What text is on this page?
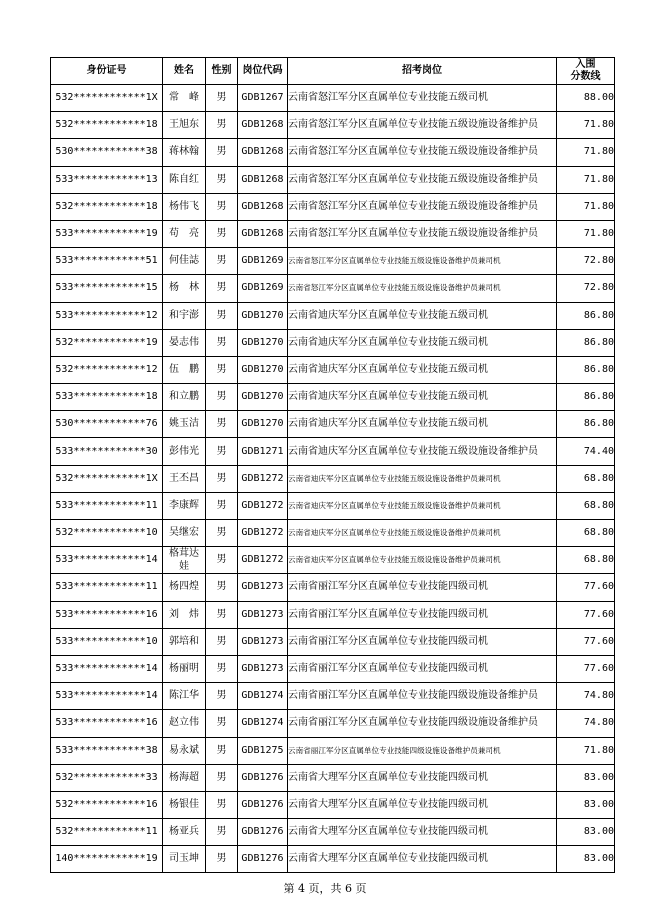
身份证号	姓名	性别	岗位代码	招考岗位	入围
分数线
532************1X	常　峰	男	GDB1267	云南省怒江军分区直属单位专业技能五级司机	88.00
532************18	王旭东	男	GDB1268	云南省怒江军分区直属单位专业技能五级设施设备维护员	71.80
530************38	蒋林翰	男	GDB1268	云南省怒江军分区直属单位专业技能五级设施设备维护员	71.80
533************13	陈自红	男	GDB1268	云南省怒江军分区直属单位专业技能五级设施设备维护员	71.80
532************18	杨伟飞	男	GDB1268	云南省怒江军分区直属单位专业技能五级设施设备维护员	71.80
533************19	苟　亮	男	GDB1268	云南省怒江军分区直属单位专业技能五级设施设备维护员	71.80
533************51	何佳誌	男	GDB1269	云南省怒江军分区直属单位专业技能五级设施设备维护员兼司机	72.80
533************15	杨　林	男	GDB1269	云南省怒江军分区直属单位专业技能五级设施设备维护员兼司机	72.80
533************12	和宇澎	男	GDB1270	云南省迪庆军分区直属单位专业技能五级司机	86.80
532************19	晏志伟	男	GDB1270	云南省迪庆军分区直属单位专业技能五级司机	86.80
532************12	伍　鹏	男	GDB1270	云南省迪庆军分区直属单位专业技能五级司机	86.80
533************18	和立鹏	男	GDB1270	云南省迪庆军分区直属单位专业技能五级司机	86.80
530************76	姚玉洁	男	GDB1270	云南省迪庆军分区直属单位专业技能五级司机	86.80
533************30	彭伟光	男	GDB1271	云南省迪庆军分区直属单位专业技能五级设施设备维护员	74.40
532************1X	王丕昌	男	GDB1272	云南省迪庆军分区直属单位专业技能五级设施设备维护员兼司机	68.80
533************11	李康辉	男	GDB1272	云南省迪庆军分区直属单位专业技能五级设施设备维护员兼司机	68.80
532************10	吴继宏	男	GDB1272	云南省迪庆军分区直属单位专业技能五级设施设备维护员兼司机	68.80
533************14	格茸达
娃	男	GDB1272	云南省迪庆军分区直属单位专业技能五级设施设备维护员兼司机	68.80
533************11	杨四煌	男	GDB1273	云南省丽江军分区直属单位专业技能四级司机	77.60
533************16	刘　炜	男	GDB1273	云南省丽江军分区直属单位专业技能四级司机	77.60
533************10	郭培和	男	GDB1273	云南省丽江军分区直属单位专业技能四级司机	77.60
533************14	杨丽明	男	GDB1273	云南省丽江军分区直属单位专业技能四级司机	77.60
533************14	陈江华	男	GDB1274	云南省丽江军分区直属单位专业技能四级设施设备维护员	74.80
533************16	赵立伟	男	GDB1274	云南省丽江军分区直属单位专业技能四级设施设备维护员	74.80
533************38	易永斌	男	GDB1275	云南省丽江军分区直属单位专业技能四级设施设备维护员兼司机	71.80
532************33	杨海超	男	GDB1276	云南省大理军分区直属单位专业技能四级司机	83.00
532************16	杨银佳	男	GDB1276	云南省大理军分区直属单位专业技能四级司机	83.00
532************11	杨亚兵	男	GDB1276	云南省大理军分区直属单位专业技能四级司机	83.00
140************19	司玉坤	男	GDB1276	云南省大理军分区直属单位专业技能四级司机	83.00
第 4 页，共 6 页
